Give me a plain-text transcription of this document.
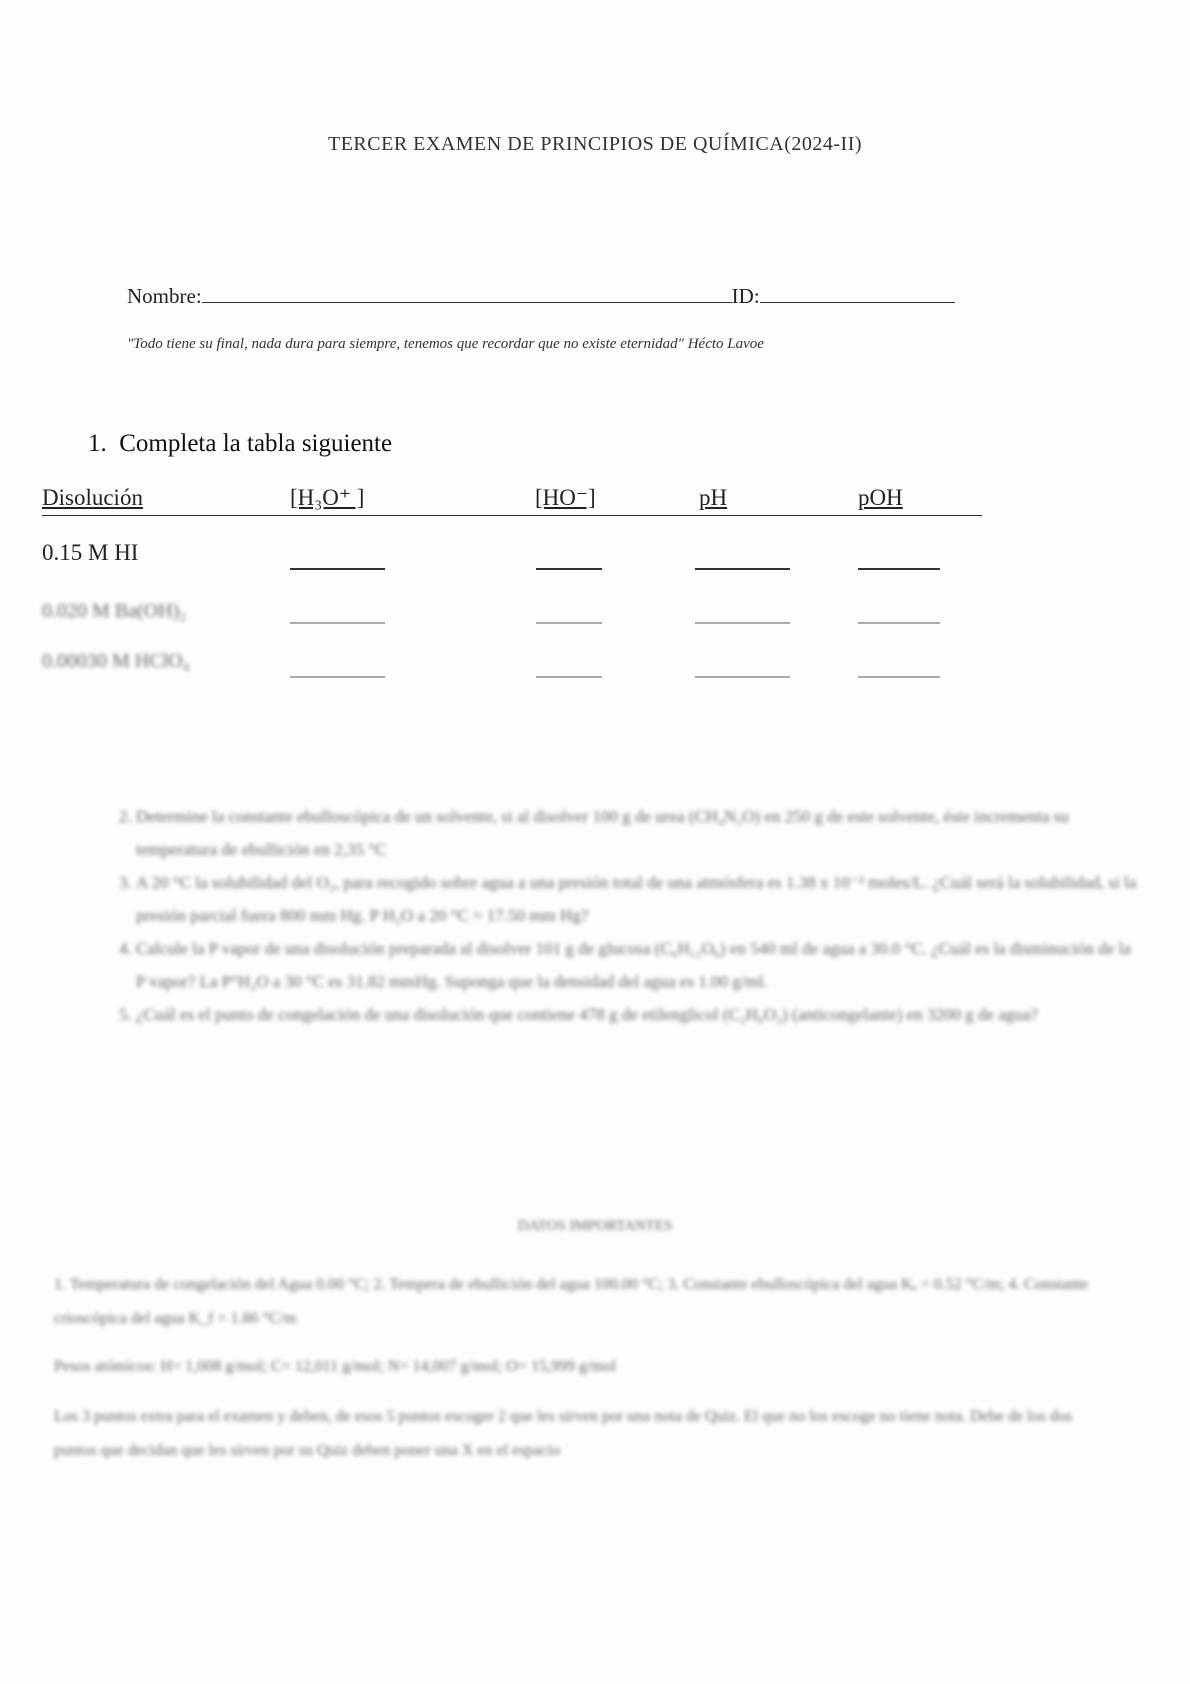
TERCER EXAMEN DE PRINCIPIOS DE QUÍMICA(2024-II)
Nombre:	ID:
"Todo tiene su final, nada dura para siempre, tenemos que recordar que no existe eternidad" Hécto Lavoe
1. Completa la tabla siguiente
Disolución	[H₃O⁺ ]	[HO⁻]	pH	pOH
0.15 M HI
0.020 M Ba(OH)₂
0.00030 M HClO₄
2. Determine la constante ebulloscópica de un solvente, si al disolver 100 g de urea (CH₄N₂O) en 250 g de este solvente, éste incrementa su temperatura de ebullición en 2,35 °C
3. A 20 °C la solubilidad del O₂, para recogido sobre agua a una presión total de una atmósfera es 1.38 x 10⁻³ moles/L. ¿Cuál será la solubilidad, si la presión parcial fuera 800 mm Hg. P H₂O a 20 °C = 17.50 mm Hg?
4. Calcule la P vapor de una disolución preparada al disolver 101 g de glucosa (C₆H₁₂O₆) en 540 ml de agua a 30.0 °C. ¿Cuál es la disminución de la P vapor? La P°H₂O a 30 °C es 31.82 mmHg. Suponga que la densidad del agua es 1.00 g/ml.
5. ¿Cuál es el punto de congelación de una disolución que contiene 478 g de etilenglicol (C₂H₆O₂) (anticongelante) en 3200 g de agua?
DATOS IMPORTANTES
1. Temperatura de congelación del Agua 0.00 °C; 2. Tempera de ebullición del agua 100.00 °C; 3. Constante ebulloscópica del agua Kₑ = 0.52 °C/m; 4. Constante crioscópica del agua K_f = 1.86 °C/m
Pesos atómicos: H= 1,008 g/mol; C= 12,011 g/mol; N= 14,007 g/mol; O= 15,999 g/mol
Los 3 puntos extra para el examen y deben, de esos 5 puntos escoger 2 que les sirven por una nota de Quiz. El que no los escoge no tiene nota. Debe de los dos puntos que decidan que les sirven por su Quiz deben poner una X en el espacio
